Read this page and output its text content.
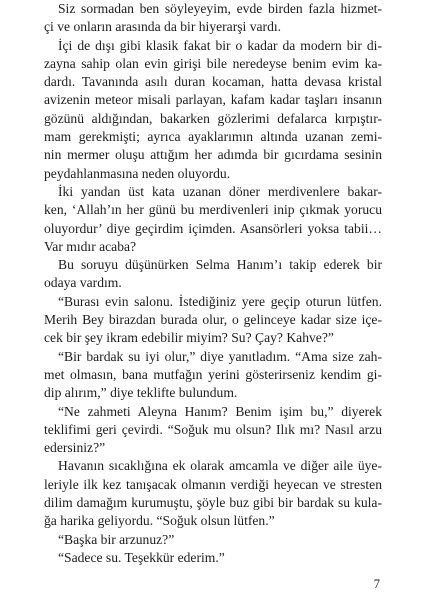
Siz sormadan ben söyleyeyim, evde birden fazla hizmet-
çi ve onların arasında da bir hiyerarşi vardı.
İçi de dışı gibi klasik fakat bir o kadar da modern bir di-
zayna sahip olan evin girişi bile neredeyse benim evim ka-
dardı. Tavanında asılı duran kocaman, hatta devasa kristal
avizenin meteor misali parlayan, kafam kadar taşları insanın
gözünü aldığından, bakarken gözlerimi defalarca kırpıştır-
mam gerekmişti; ayrıca ayaklarımın altında uzanan zemi-
nin mermer oluşu attığım her adımda bir gıcırdama sesinin
peydahlanmasına neden oluyordu.
İki yandan üst kata uzanan döner merdivenlere bakar-
ken, ‘Allah’ın her günü bu merdivenleri inip çıkmak yorucu
oluyordur’ diye geçirdim içimden. Asansörleri yoksa tabii…
Var mıdır acaba?
Bu soruyu düşünürken Selma Hanım’ı takip ederek bir
odaya vardım.
“Burası evin salonu. İstediğiniz yere geçip oturun lütfen.
Merih Bey birazdan burada olur, o gelinceye kadar size içe-
cek bir şey ikram edebilir miyim? Su? Çay? Kahve?”
“Bir bardak su iyi olur,” diye yanıtladım. “Ama size zah-
met olmasın, bana mutfağın yerini gösterirseniz kendim gi-
dip alırım,” diye teklifte bulundum.
“Ne zahmeti Aleyna Hanım? Benim işim bu,” diyerek
teklifimi geri çevirdi. “Soğuk mu olsun? Ilık mı? Nasıl arzu
edersiniz?”
Havanın sıcaklığına ek olarak amcamla ve diğer aile üye-
leriyle ilk kez tanışacak olmanın verdiği heyecan ve stresten
dilim damağım kurumuştu, şöyle buz gibi bir bardak su kula-
ğa harika geliyordu. “Soğuk olsun lütfen.”
“Başka bir arzunuz?”
“Sadece su. Teşekkür ederim.”
7
